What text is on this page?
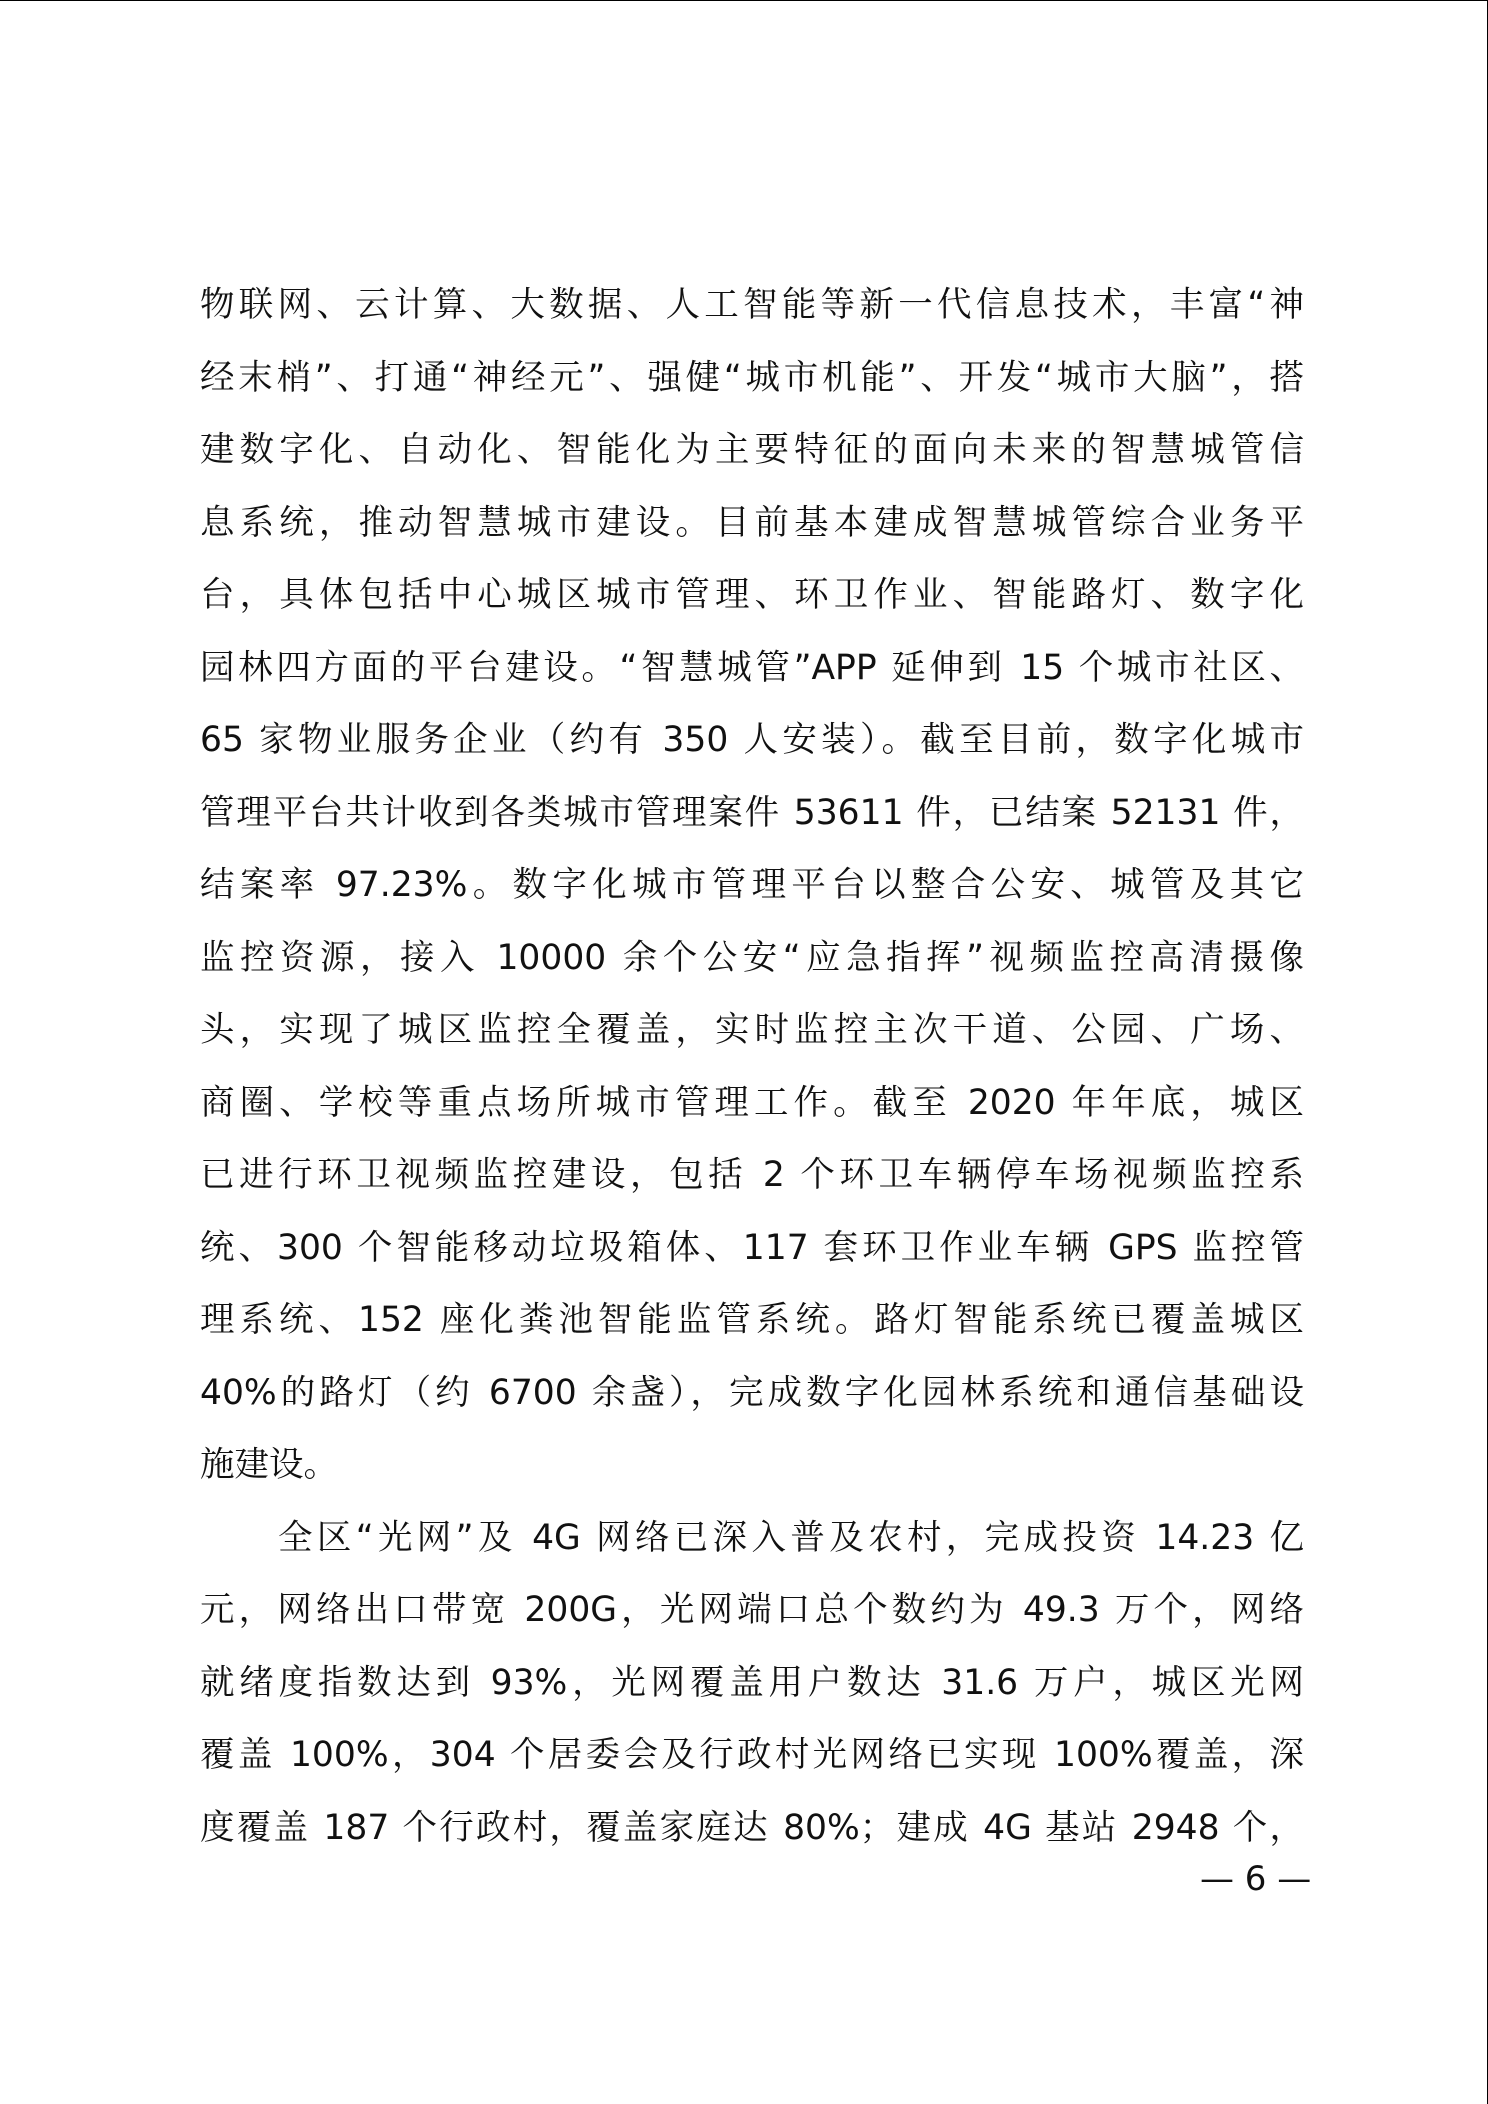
物联网、云计算、大数据、人工智能等新一代信息技术，丰富“神
经末梢”、打通“神经元”、强健“城市机能”、开发“城市大脑”，搭
建数字化、自动化、智能化为主要特征的面向未来的智慧城管信
息系统，推动智慧城市建设。目前基本建成智慧城管综合业务平
台，具体包括中心城区城市管理、环卫作业、智能路灯、数字化
园林四方面的平台建设。“智慧城管”APP 延伸到 15 个城市社区、
65 家物业服务企业（约有 350 人安装）。截至目前，数字化城市
管理平台共计收到各类城市管理案件 53611 件，已结案 52131 件，
结案率 97.23%。数字化城市管理平台以整合公安、城管及其它
监控资源，接入 10000 余个公安“应急指挥”视频监控高清摄像
头，实现了城区监控全覆盖，实时监控主次干道、公园、广场、
商圈、学校等重点场所城市管理工作。截至 2020 年年底，城区
已进行环卫视频监控建设，包括 2 个环卫车辆停车场视频监控系
统、300 个智能移动垃圾箱体、117 套环卫作业车辆 GPS 监控管
理系统、152 座化粪池智能监管系统。路灯智能系统已覆盖城区
40%的路灯（约 6700 余盏），完成数字化园林系统和通信基础设
施建设。
全区“光网”及 4G 网络已深入普及农村，完成投资 14.23 亿
元，网络出口带宽 200G，光网端口总个数约为 49.3 万个，网络
就绪度指数达到 93%，光网覆盖用户数达 31.6 万户，城区光网
覆盖 100%，304 个居委会及行政村光网络已实现 100%覆盖，深
度覆盖 187 个行政村，覆盖家庭达 80%；建成 4G 基站 2948 个，
— 6 —
